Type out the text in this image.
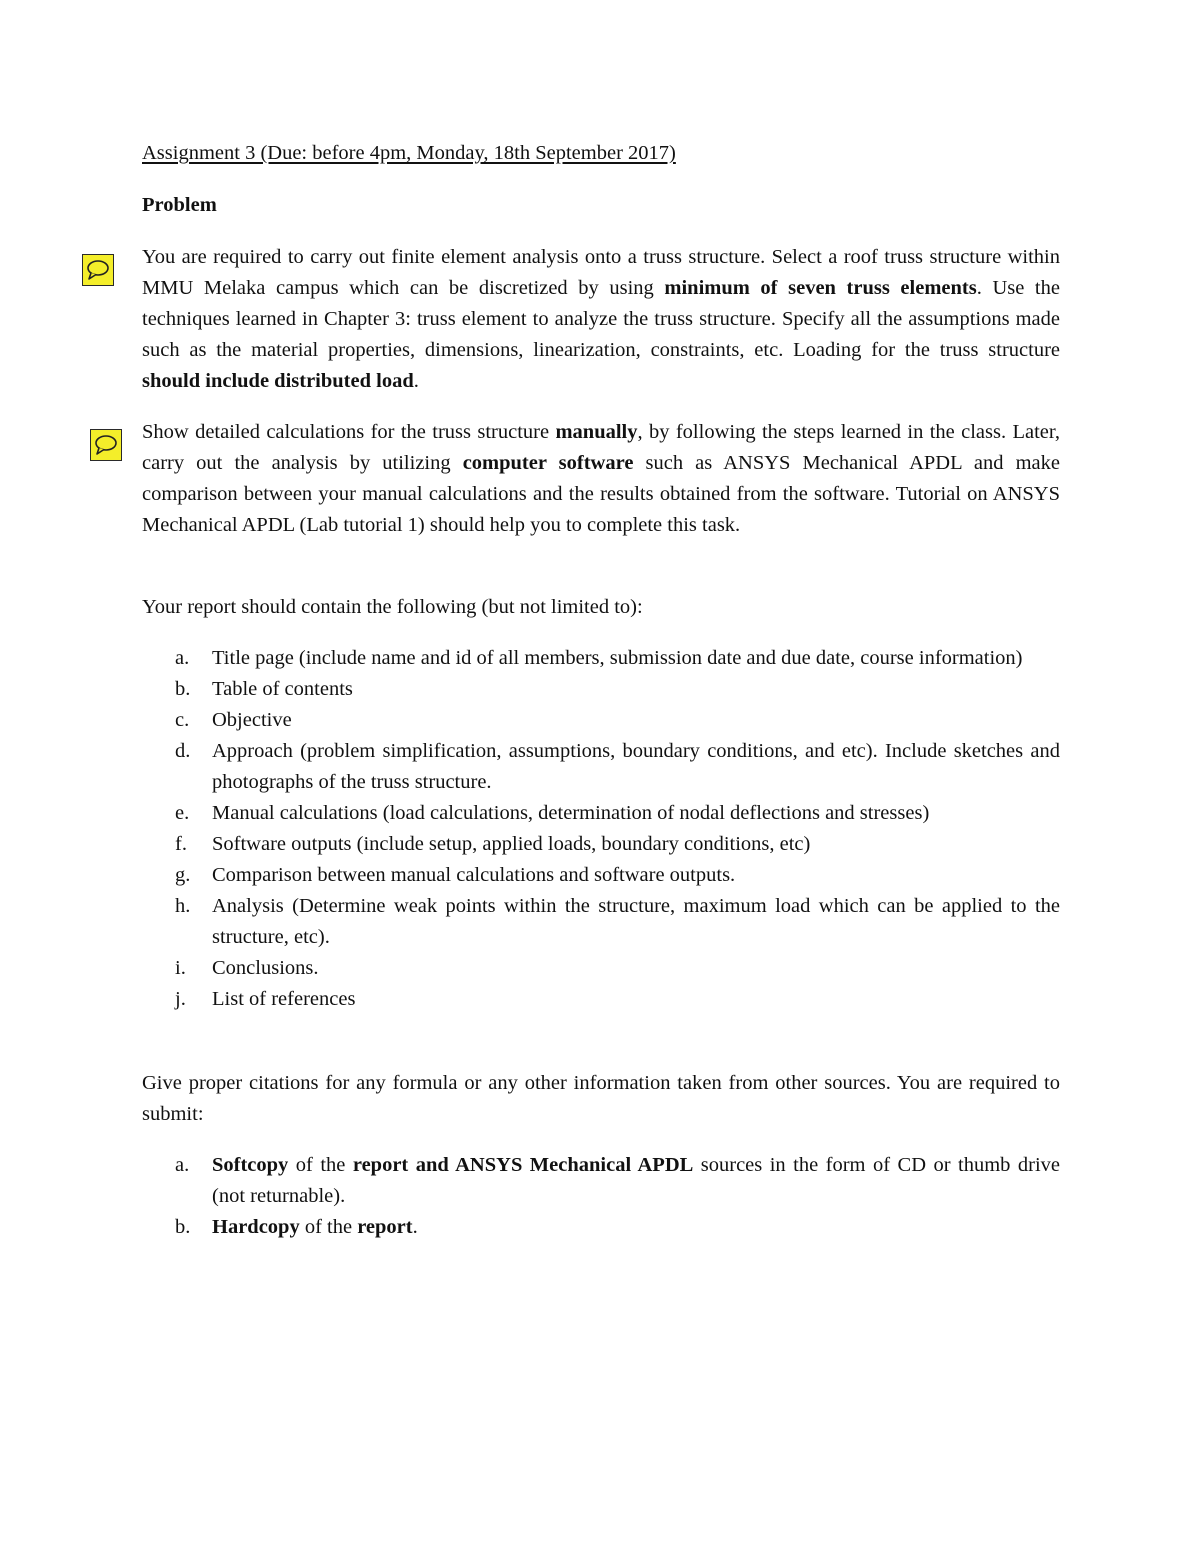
Assignment 3 (Due: before 4pm, Monday, 18th September 2017)
Problem

You are required to carry out finite element analysis onto a truss structure. Select a roof truss structure within MMU Melaka campus which can be discretized by using minimum of seven truss elements. Use the techniques learned in Chapter 3: truss element to analyze the truss structure. Specify all the assumptions made such as the material properties, dimensions, linearization, constraints, etc. Loading for the truss structure should include distributed load.

Show detailed calculations for the truss structure manually, by following the steps learned in the class. Later, carry out the analysis by utilizing computer software such as ANSYS Mechanical APDL and make comparison between your manual calculations and the results obtained from the software. Tutorial on ANSYS Mechanical APDL (Lab tutorial 1) should help you to complete this task.

Your report should contain the following (but not limited to):

a. Title page (include name and id of all members, submission date and due date, course information)
b. Table of contents
c. Objective
d. Approach (problem simplification, assumptions, boundary conditions, and etc). Include sketches and photographs of the truss structure.
e. Manual calculations (load calculations, determination of nodal deflections and stresses)
f. Software outputs (include setup, applied loads, boundary conditions, etc)
g. Comparison between manual calculations and software outputs.
h. Analysis (Determine weak points within the structure, maximum load which can be applied to the structure, etc).
i. Conclusions.
j. List of references

Give proper citations for any formula or any other information taken from other sources. You are required to submit:

a. Softcopy of the report and ANSYS Mechanical APDL sources in the form of CD or thumb drive (not returnable).
b. Hardcopy of the report.
